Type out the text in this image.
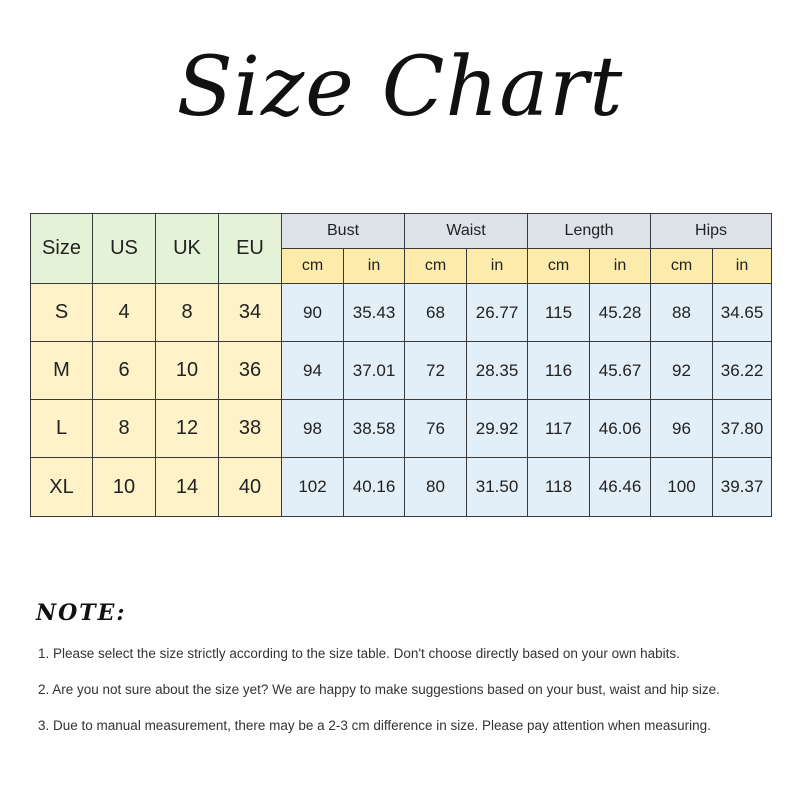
Size Chart
Size	US	UK	EU	Bust		Waist		Length		Hips	
				cm	in	cm	in	cm	in	cm	in
S	4	8	34	90	35.43	68	26.77	115	45.28	88	34.65
M	6	10	36	94	37.01	72	28.35	116	45.67	92	36.22
L	8	12	38	98	38.58	76	29.92	117	46.06	96	37.80
XL	10	14	40	102	40.16	80	31.50	118	46.46	100	39.37
NOTE:
1. Please select the size strictly according to the size table. Don't choose directly based on your own habits.
2. Are you not sure about the size yet? We are happy to make suggestions based on your bust, waist and hip size.
3. Due to manual measurement, there may be a 2-3 cm difference in size. Please pay attention when measuring.
